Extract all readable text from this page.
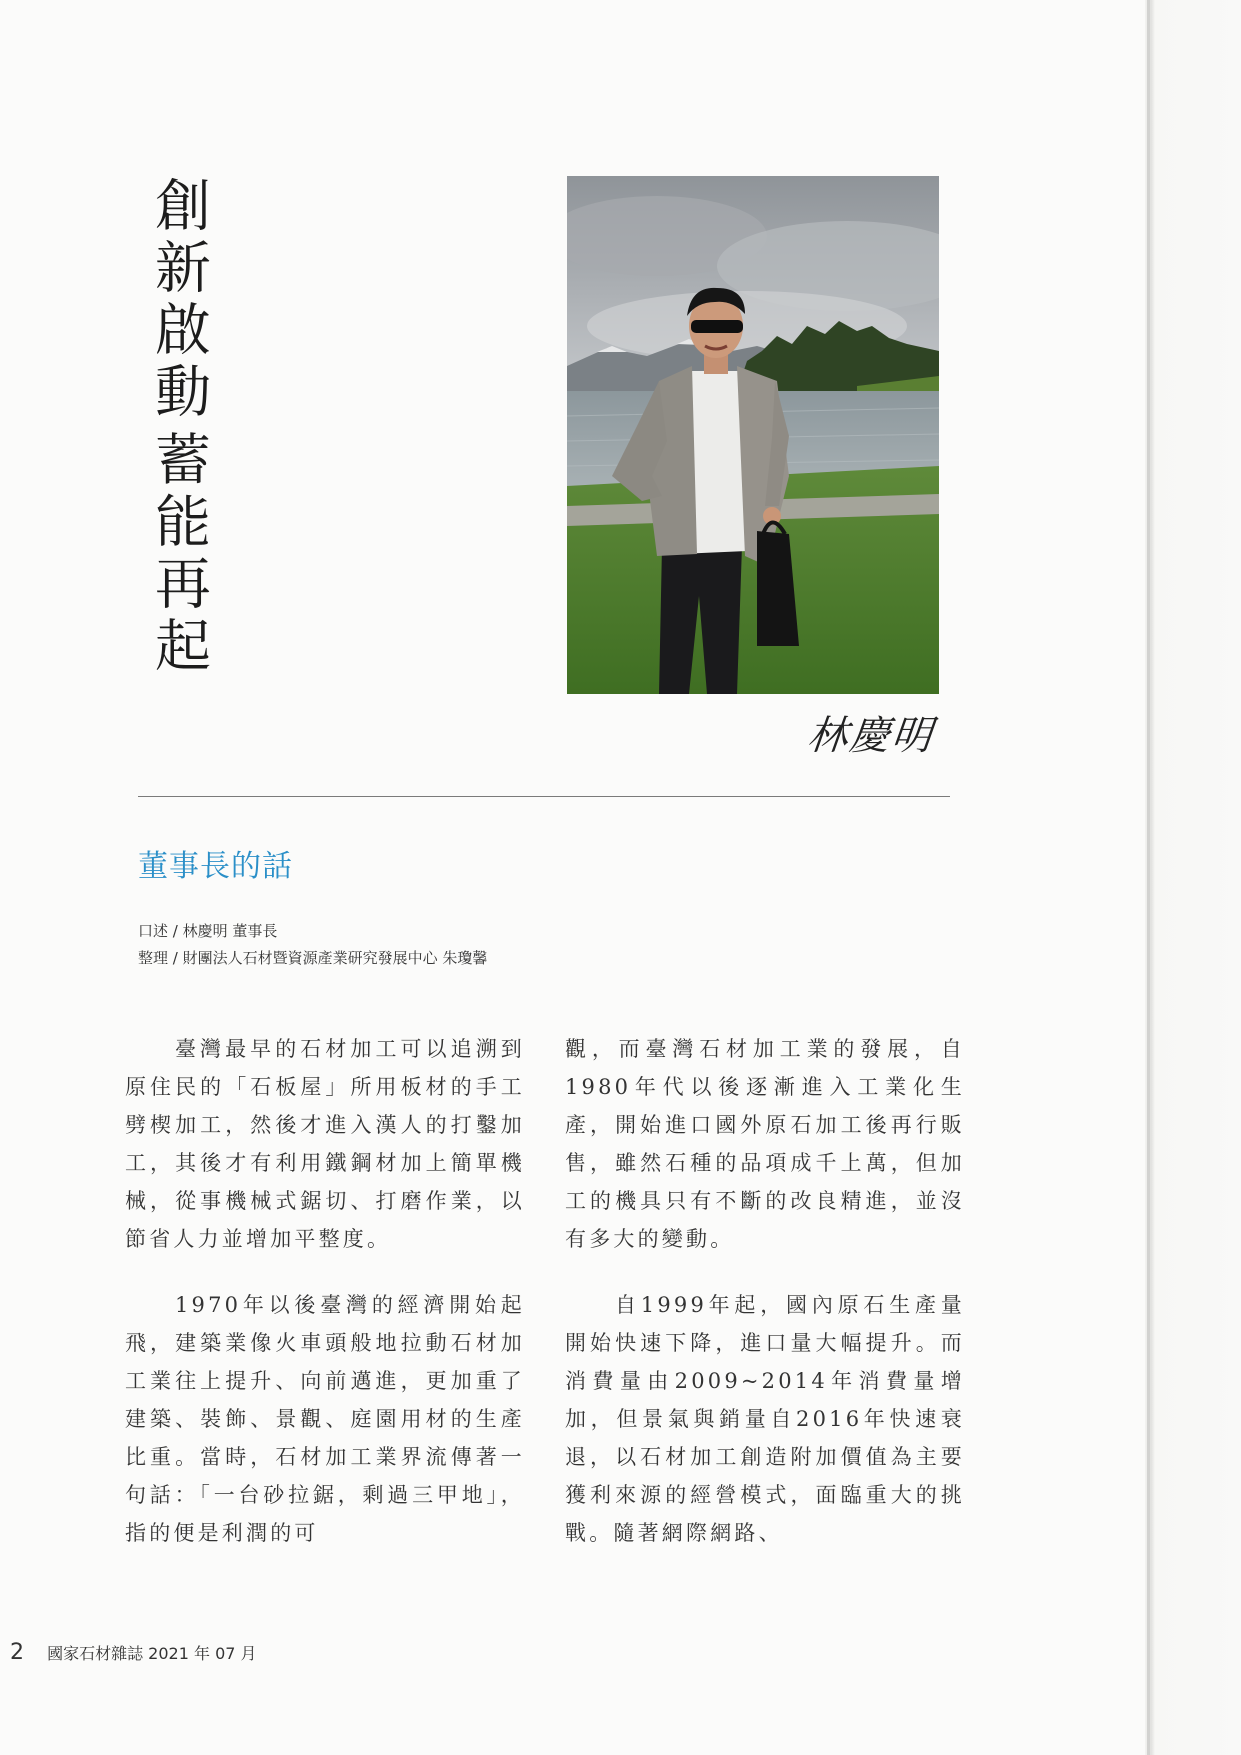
創新啟動
蓄能再起
林慶明
董事長的話
口述 / 林慶明 董事長
整理 / 財團法人石材暨資源產業研究發展中心 朱瓊馨

臺灣最早的石材加工可以追溯到原住民的「石板屋」所用板材的手工劈楔加工，然後才進入漢人的打鑿加工，其後才有利用鐵鋼材加上簡單機械，從事機械式鋸切、打磨作業，以節省人力並增加平整度。

1970年以後臺灣的經濟開始起飛，建築業像火車頭般地拉動石材加工業往上提升、向前邁進，更加重了建築、裝飾、景觀、庭園用材的生產比重。當時，石材加工業界流傳著一句話：「一台砂拉鋸，剩過三甲地」，指的便是利潤的可

觀，而臺灣石材加工業的發展，自1980年代以後逐漸進入工業化生產，開始進口國外原石加工後再行販售，雖然石種的品項成千上萬，但加工的機具只有不斷的改良精進，並沒有多大的變動。

自1999年起，國內原石生產量開始快速下降，進口量大幅提升。而消費量由2009~2014年消費量增加，但景氣與銷量自2016年快速衰退，以石材加工創造附加價值為主要獲利來源的經營模式，面臨重大的挑戰。隨著網際網路、

2 國家石材雜誌 2021 年 07 月
